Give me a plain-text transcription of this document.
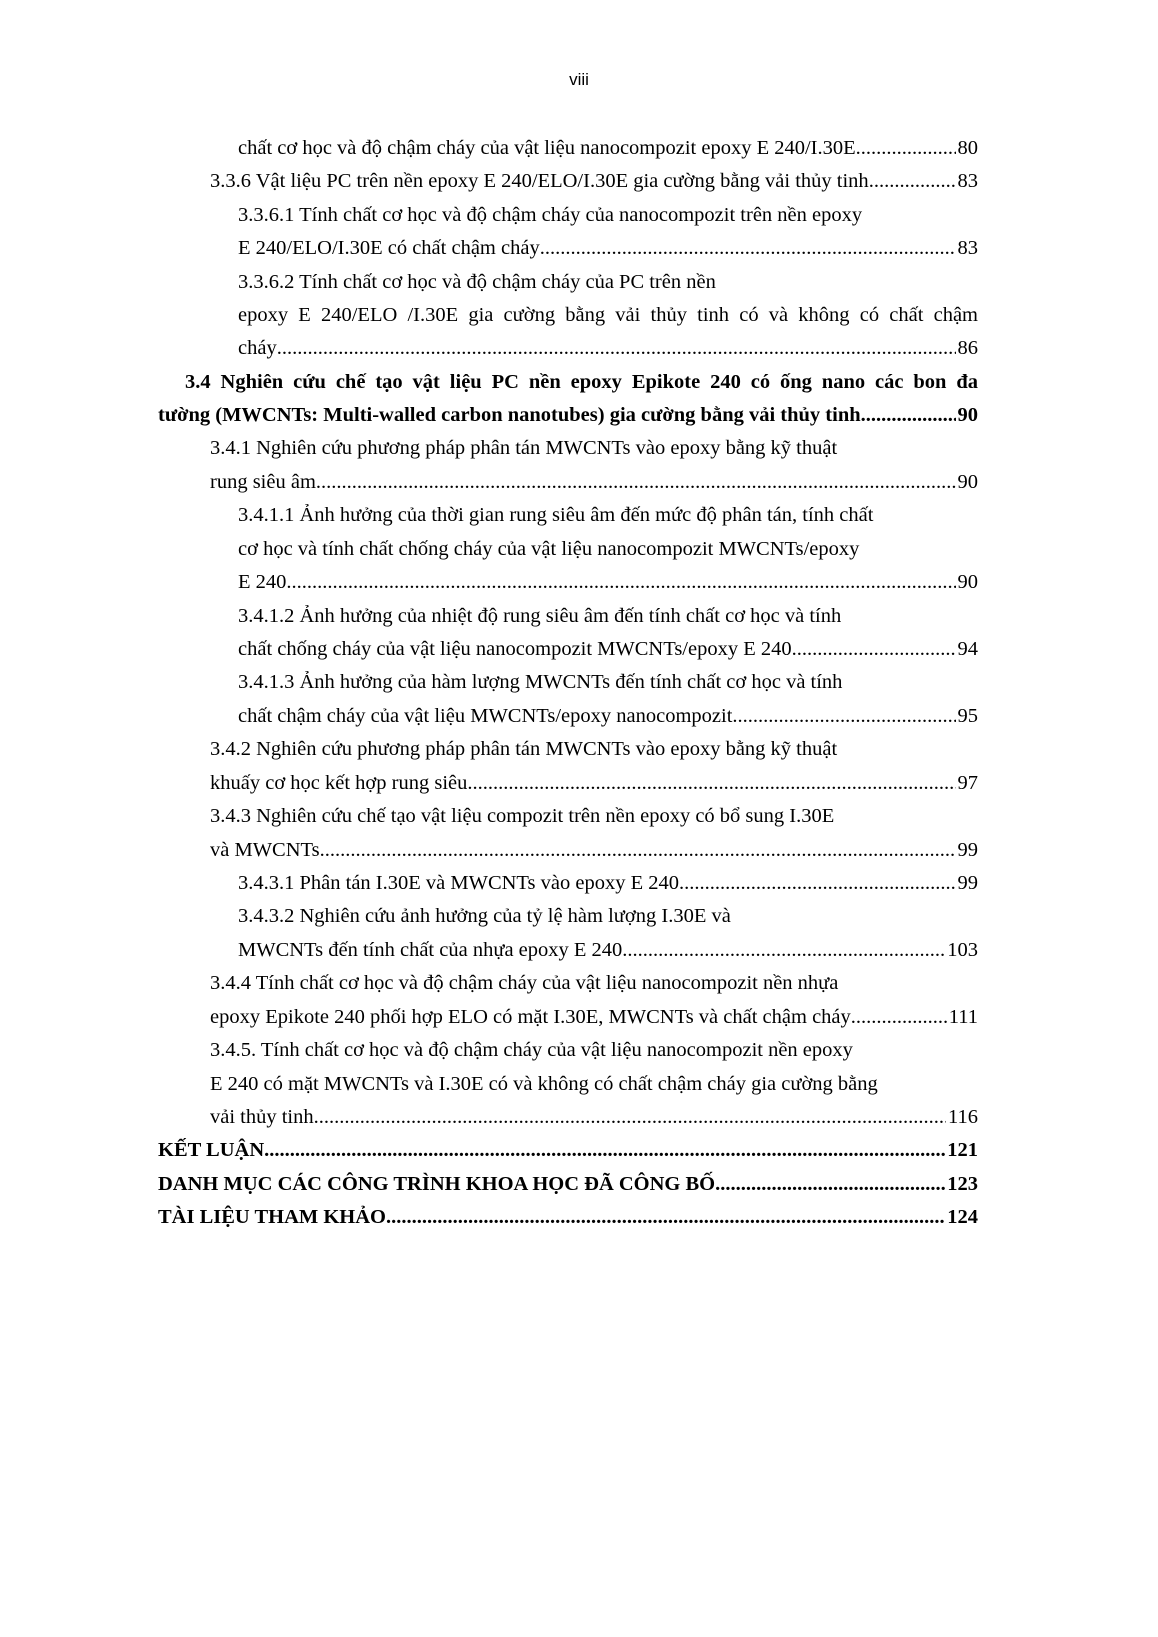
viii
chất cơ học và độ chậm cháy của vật liệu nanocompozit epoxy E 240/I.30E .....	80
3.3.6 Vật liệu PC trên nền epoxy E 240/ELO/I.30E gia cường bằng vải thủy tinh .....	83
3.3.6.1 Tính chất cơ học và độ chậm cháy của nanocompozit trên nền epoxy
E 240/ELO/I.30E có chất chậm cháy .....	83
3.3.6.2 Tính chất cơ học và độ chậm cháy của PC trên nền
epoxy E 240/ELO /I.30E gia cường bằng vải thủy tinh có và không có chất chậm
cháy .....	86
3.4 Nghiên cứu chế tạo vật liệu PC nền epoxy Epikote 240 có ống nano các bon đa
tường (MWCNTs: Multi-walled carbon nanotubes) gia cường bằng vải thủy tinh .....	90
3.4.1 Nghiên cứu phương pháp phân tán MWCNTs vào epoxy bằng kỹ thuật
rung siêu âm .....	90
3.4.1.1 Ảnh hưởng của thời gian rung siêu âm đến mức độ phân tán, tính chất
cơ học và tính chất chống cháy của vật liệu nanocompozit MWCNTs/epoxy
E 240 .....	90
3.4.1.2 Ảnh hưởng của nhiệt độ rung siêu âm đến tính chất cơ học và tính
chất chống cháy của vật liệu nanocompozit MWCNTs/epoxy E 240 .....	94
3.4.1.3 Ảnh hưởng của hàm lượng MWCNTs đến tính chất cơ học và tính
chất chậm cháy của vật liệu MWCNTs/epoxy nanocompozit .....	95
3.4.2 Nghiên cứu phương pháp phân tán MWCNTs vào epoxy bằng kỹ thuật
khuấy cơ học kết hợp rung siêu .....	97
3.4.3 Nghiên cứu chế tạo vật liệu compozit trên nền epoxy có bổ sung I.30E
và MWCNTs .....	99
3.4.3.1 Phân tán I.30E và MWCNTs vào epoxy E 240 .....	99
3.4.3.2 Nghiên cứu ảnh hưởng của tỷ lệ hàm lượng I.30E và
MWCNTs đến tính chất của nhựa epoxy E 240 .....	103
3.4.4 Tính chất cơ học và độ chậm cháy của vật liệu nanocompozit nền nhựa
epoxy Epikote 240 phối hợp ELO có mặt I.30E, MWCNTs và chất chậm cháy .....	111
3.4.5. Tính chất cơ học và độ chậm cháy của vật liệu nanocompozit nền epoxy
E 240 có mặt MWCNTs và I.30E có và không có chất chậm cháy gia cường bằng
vải thủy tinh .....	116
KẾT LUẬN .....	121
DANH MỤC CÁC CÔNG TRÌNH KHOA HỌC ĐÃ CÔNG BỐ .....	123
TÀI LIỆU THAM KHẢO .....	124
